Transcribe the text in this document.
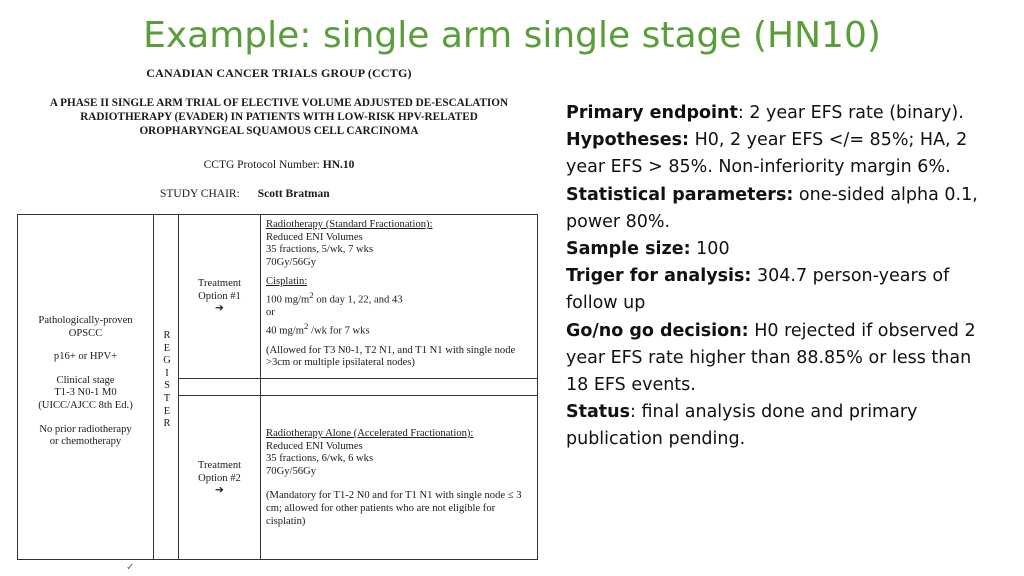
Example: single arm single stage (HN10)
CANADIAN CANCER TRIALS GROUP (CCTG)
A PHASE II SINGLE ARM TRIAL OF ELECTIVE VOLUME ADJUSTED DE-ESCALATION
RADIOTHERAPY (EVADER) IN PATIENTS WITH LOW-RISK HPV-RELATED
OROPHARYNGEAL SQUAMOUS CELL CARCINOMA
CCTG Protocol Number: HN.10
STUDY CHAIR: Scott Bratman
Pathologically-proven
OPSCC
p16+ or HPV+
Clinical stage
T1-3 N0-1 M0
(UICC/AJCC 8th Ed.)
No prior radiotherapy
or chemotherapy
R
E
G
I
S
T
E
R
Treatment
Option #1
➔
Radiotherapy (Standard Fractionation):
Reduced ENI Volumes
35 fractions, 5/wk, 7 wks
70Gy/56Gy
Cisplatin:
100 $mg/m^2$ on day 1, 22, and 43
or
40 $mg/m^2$ /wk for 7 wks
(Allowed for T3 N0-1, T2 N1, and T1 N1 with single node
>3cm or multiple ipsilateral nodes)
Treatment
Option #2
➔
Radiotherapy Alone (Accelerated Fractionation):
Reduced ENI Volumes
35 fractions, 6/wk, 6 wks
70Gy/56Gy
(Mandatory for T1-2 N0 and for T1 N1 with single node ≤ 3
cm; allowed for other patients who are not eligible for
cisplatin)

Primary endpoint: 2 year EFS rate (binary).

Hypotheses: H0, 2 year EFS </= 85%; HA, 2 year EFS > 85%. Non-inferiority margin 6%.

Statistical parameters: one-sided alpha 0.1, power 80%.

Sample size: 100

Triger for analysis: 304.7 person-years of follow up

Go/no go decision: H0 rejected if observed 2 year EFS rate higher than 88.85% or less than 18 EFS events.

Status: final analysis done and primary publication pending.

✓
